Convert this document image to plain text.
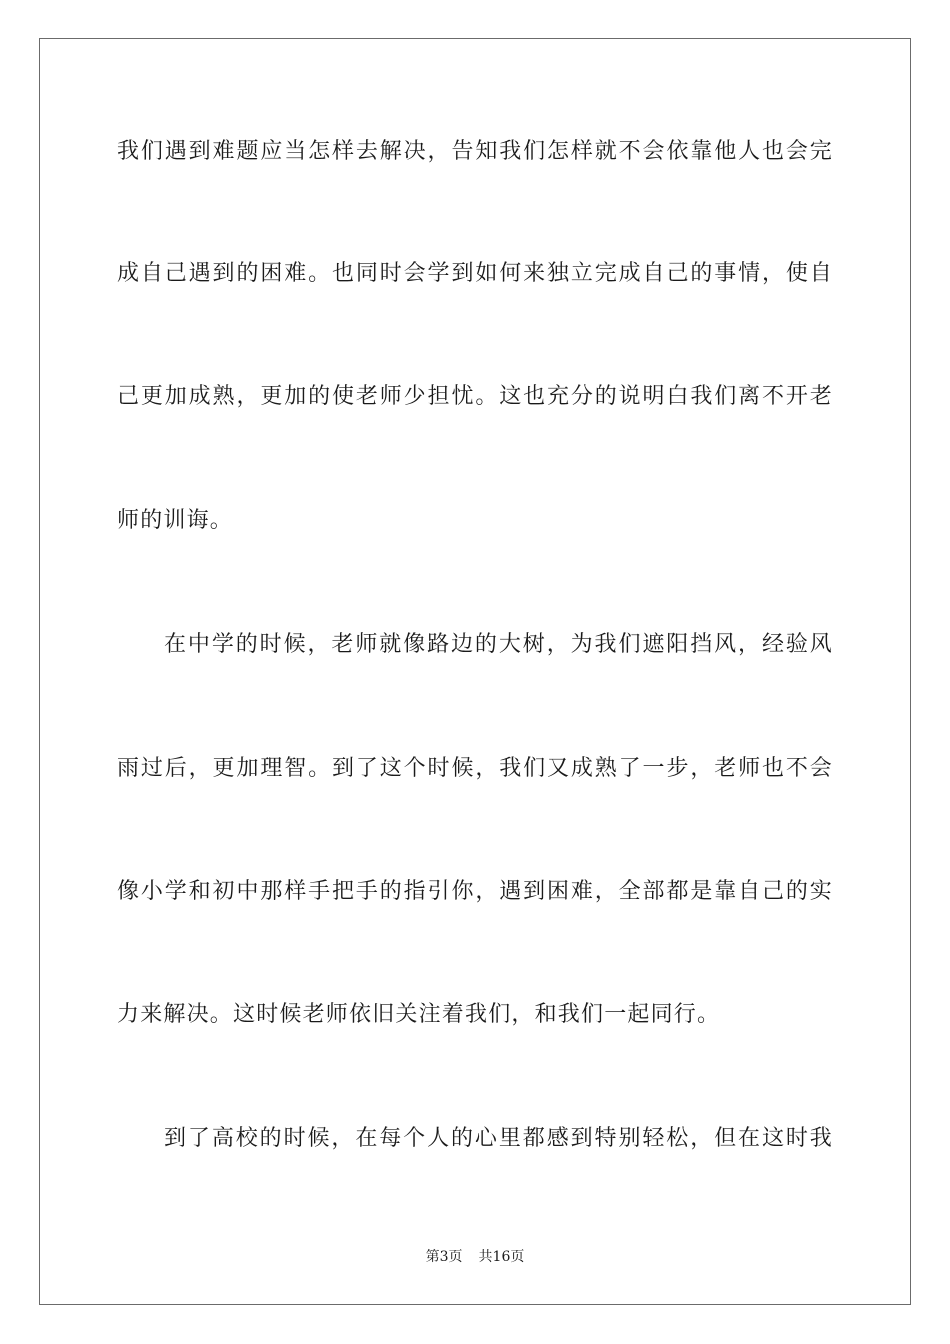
我们遇到难题应当怎样去解决，告知我们怎样就不会依靠他人也会完
成自己遇到的困难。也同时会学到如何来独立完成自己的事情，使自
己更加成熟，更加的使老师少担忧。这也充分的说明白我们离不开老
师的训诲。
在中学的时候，老师就像路边的大树，为我们遮阳挡风，经验风
雨过后，更加理智。到了这个时候，我们又成熟了一步，老师也不会
像小学和初中那样手把手的指引你，遇到困难，全部都是靠自己的实
力来解决。这时候老师依旧关注着我们，和我们一起同行。
到了高校的时候，在每个人的心里都感到特别轻松，但在这时我
第3页 共16页
